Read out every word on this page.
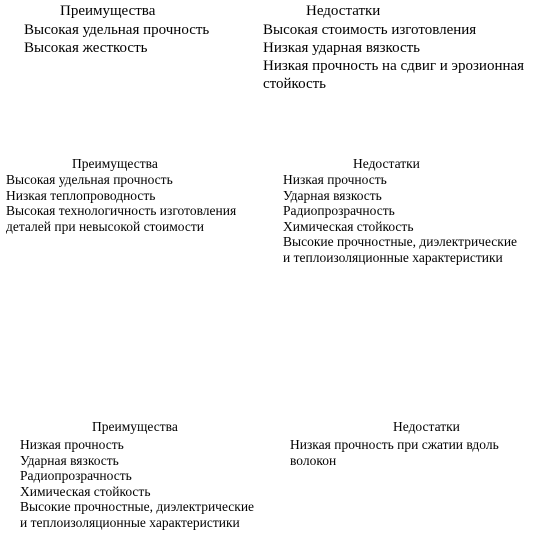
Преимущества
Высокая удельная прочность
Высокая жесткость
Недостатки
Высокая стоимость изготовления
Низкая ударная вязкость
Низкая прочность на сдвиг и эрозионная
стойкость
Преимущества
Высокая удельная прочность
Низкая теплопроводность
Высокая технологичность изготовления
деталей при невысокой стоимости
Недостатки
Низкая прочность
Ударная вязкость
Радиопрозрачность
Химическая стойкость
Высокие прочностные, диэлектрические
и теплоизоляционные характеристики
Преимущества
Низкая прочность
Ударная вязкость
Радиопрозрачность
Химическая стойкость
Высокие прочностные, диэлектрические
и теплоизоляционные характеристики
Недостатки
Низкая прочность при сжатии вдоль
волокон
